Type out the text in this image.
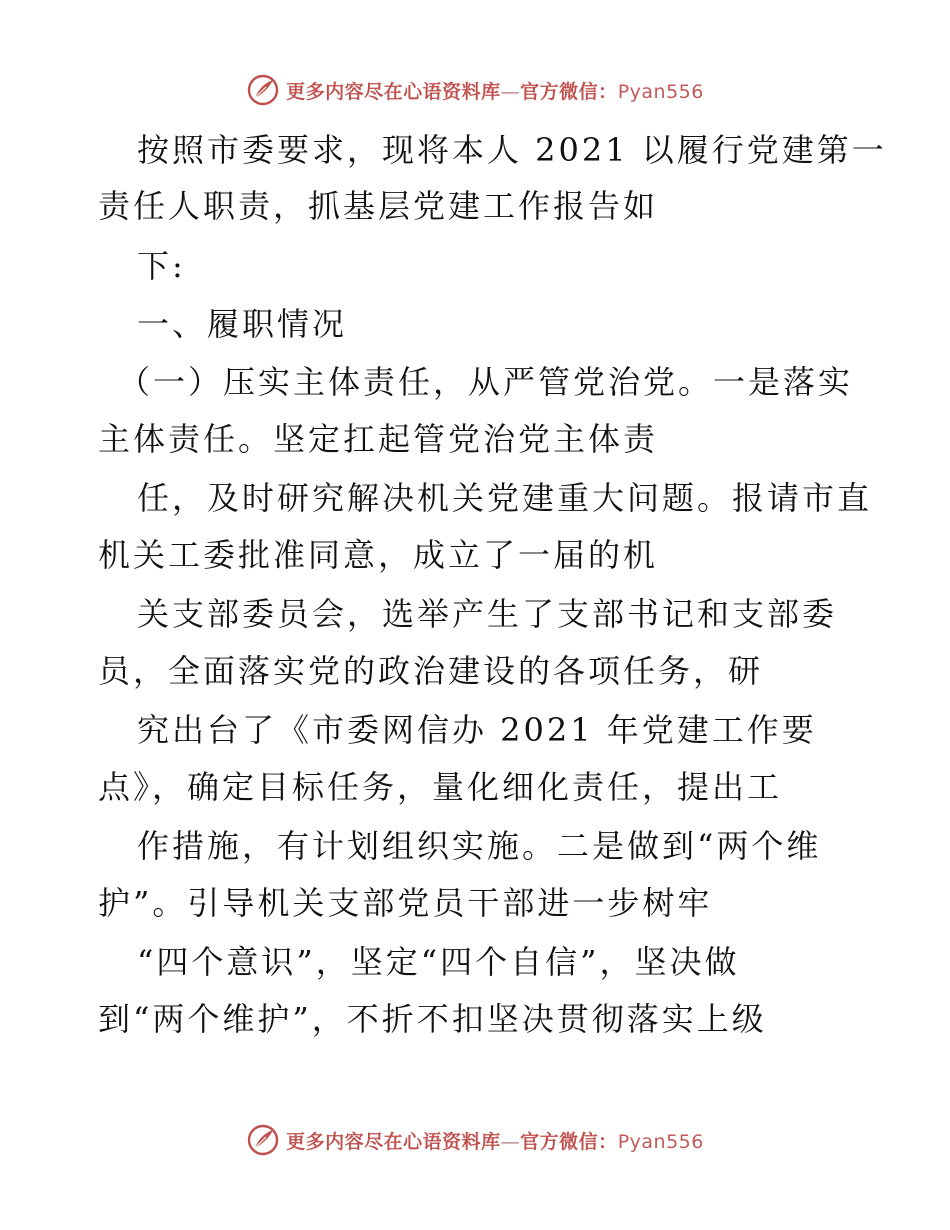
更多内容尽在心语资料库—官方微信：Pyan556
按照市委要求，现将本人 2021 以履行党建第一
责任人职责，抓基层党建工作报告如
下:
一、履职情况
（一）压实主体责任，从严管党治党。一是落实
主体责任。坚定扛起管党治党主体责
任，及时研究解决机关党建重大问题。报请市直
机关工委批准同意，成立了一届的机
关支部委员会，选举产生了支部书记和支部委
员，全面落实党的政治建设的各项任务，研
究出台了《市委网信办 2021 年党建工作要
点》，确定目标任务，量化细化责任，提出工
作措施，有计划组织实施。二是做到“两个维
护”。引导机关支部党员干部进一步树牢
“四个意识”，坚定“四个自信”，坚决做
到“两个维护”，不折不扣坚决贯彻落实上级
更多内容尽在心语资料库—官方微信：Pyan556
